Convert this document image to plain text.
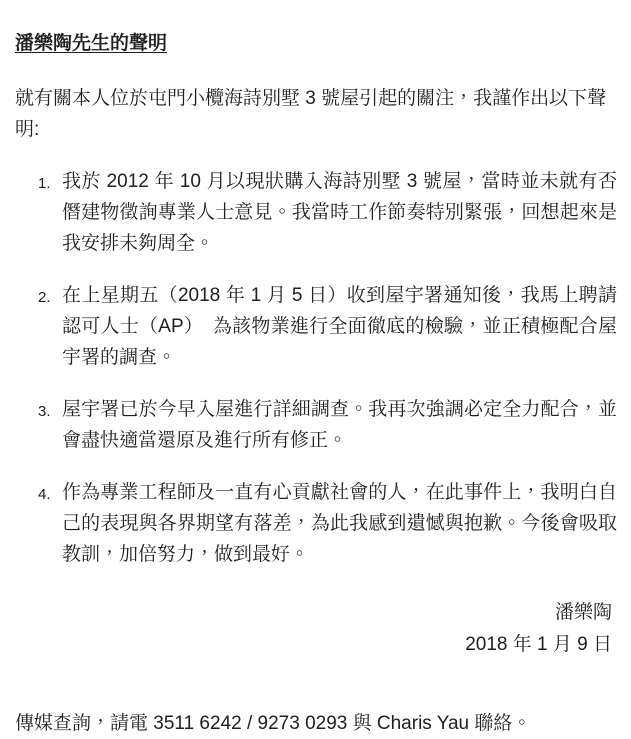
潘樂陶先生的聲明

就有關本人位於屯門小欖海詩別墅 3 號屋引起的關注，我謹作出以下聲明:

1. 我於 2012 年 10 月以現狀購入海詩別墅 3 號屋，當時並未就有否僭建物徵詢專業人士意見。我當時工作節奏特別緊張，回想起來是我安排未夠周全。
2. 在上星期五（2018 年 1 月 5 日）收到屋宇署通知後，我馬上聘請認可人士（AP）　為該物業進行全面徹底的檢驗，並正積極配合屋宇署的調查。
3. 屋宇署已於今早入屋進行詳細調查。我再次強調必定全力配合，並會盡快適當還原及進行所有修正。
4. 作為專業工程師及一直有心貢獻社會的人，在此事件上，我明白自己的表現與各界期望有落差，為此我感到遺憾與抱歉。今後會吸取教訓，加倍努力，做到最好。
潘樂陶
2018 年 1 月 9 日

傳媒查詢，請電 3511 6242 / 9273 0293 與 Charis Yau 聯絡。
